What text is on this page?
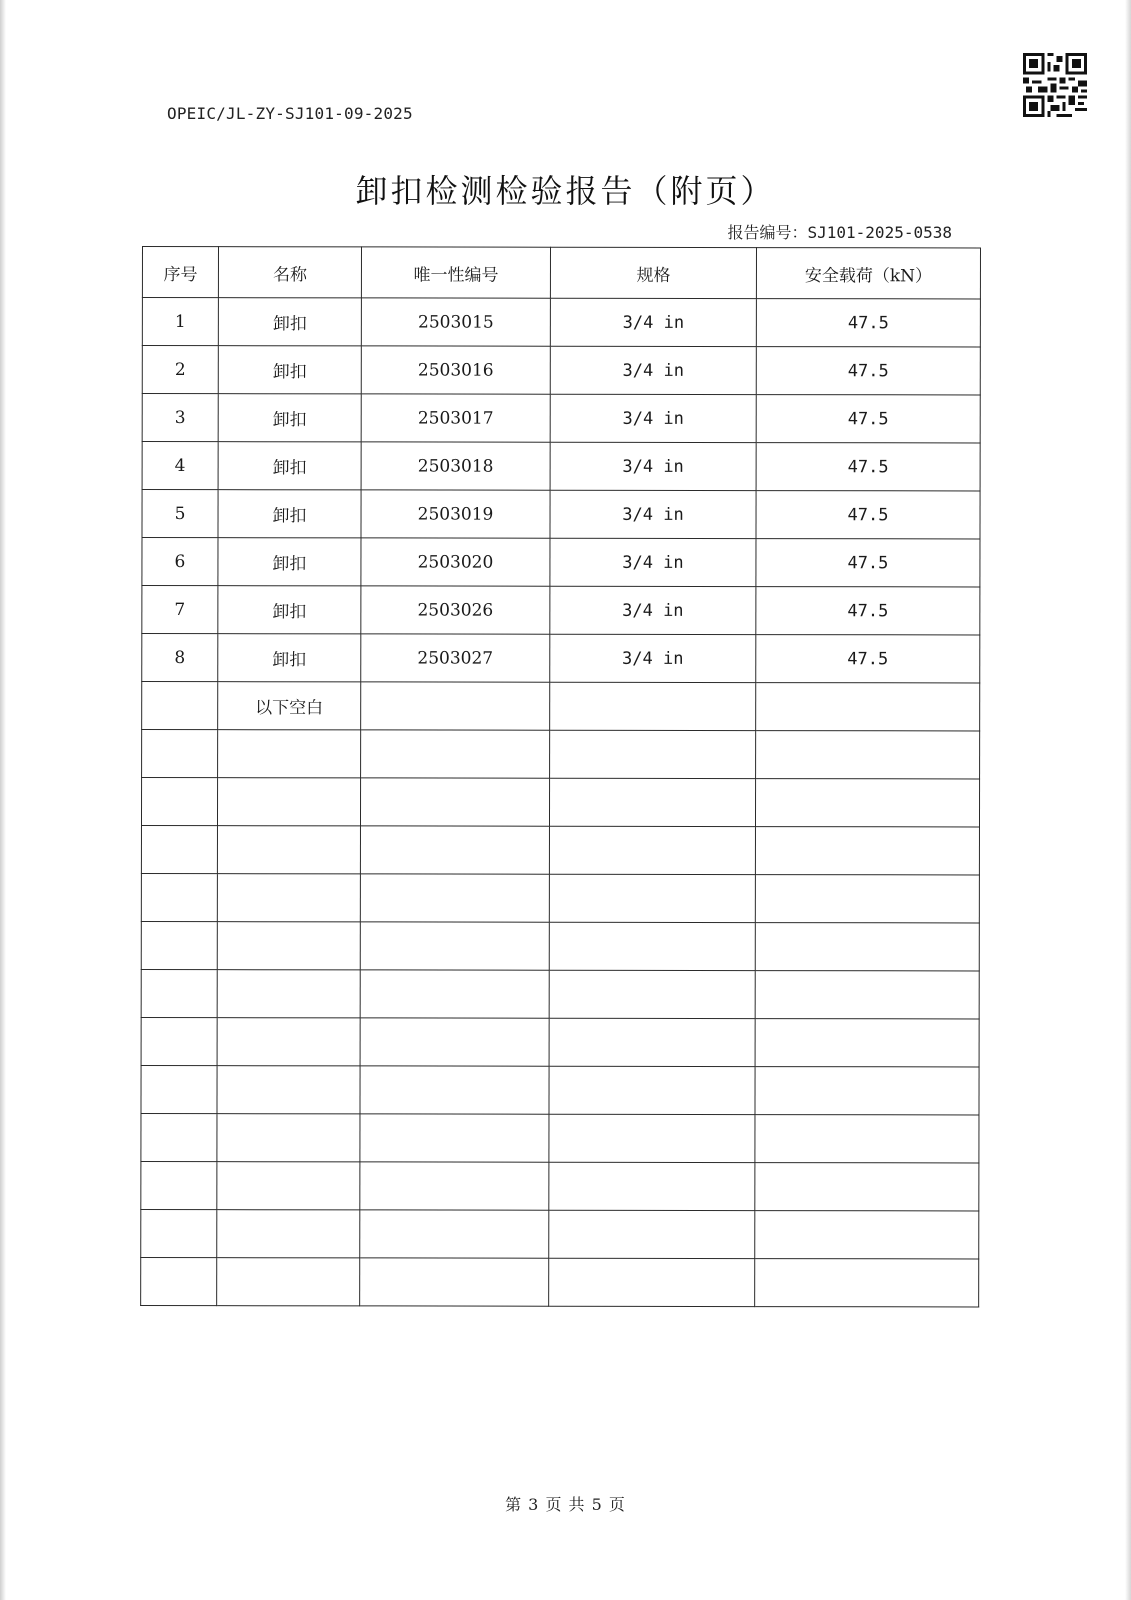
OPEIC/JL-ZY-SJ101-09-2025
卸扣检测检验报告（附页）
报告编号：SJ101-2025-0538
序号	名称	唯一性编号	规格	安全载荷（kN）
1	卸扣	2503015	3/4 in	47.5
2	卸扣	2503016	3/4 in	47.5
3	卸扣	2503017	3/4 in	47.5
4	卸扣	2503018	3/4 in	47.5
5	卸扣	2503019	3/4 in	47.5
6	卸扣	2503020	3/4 in	47.5
7	卸扣	2503026	3/4 in	47.5
8	卸扣	2503027	3/4 in	47.5
	以下空白			

第 3 页 共 5 页
